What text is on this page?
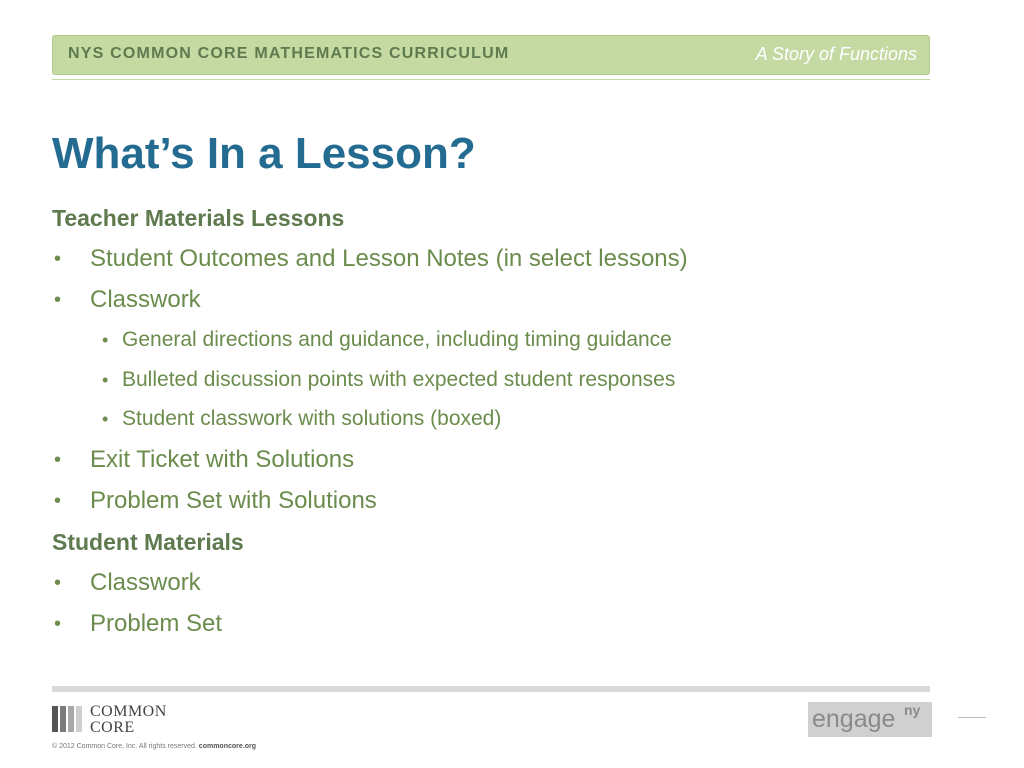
NYS COMMON CORE MATHEMATICS CURRICULUM	A Story of Functions
What’s In a Lesson?
Teacher Materials Lessons
• Student Outcomes and Lesson Notes (in select lessons)
• Classwork
• General directions and guidance, including timing guidance
• Bulleted discussion points with expected student responses
• Student classwork with solutions (boxed)
• Exit Ticket with Solutions
• Problem Set with Solutions
Student Materials
• Classwork
• Problem Set
COMMON
CORE
© 2012 Common Core, Inc. All rights reserved. commoncore.org
engage ny
